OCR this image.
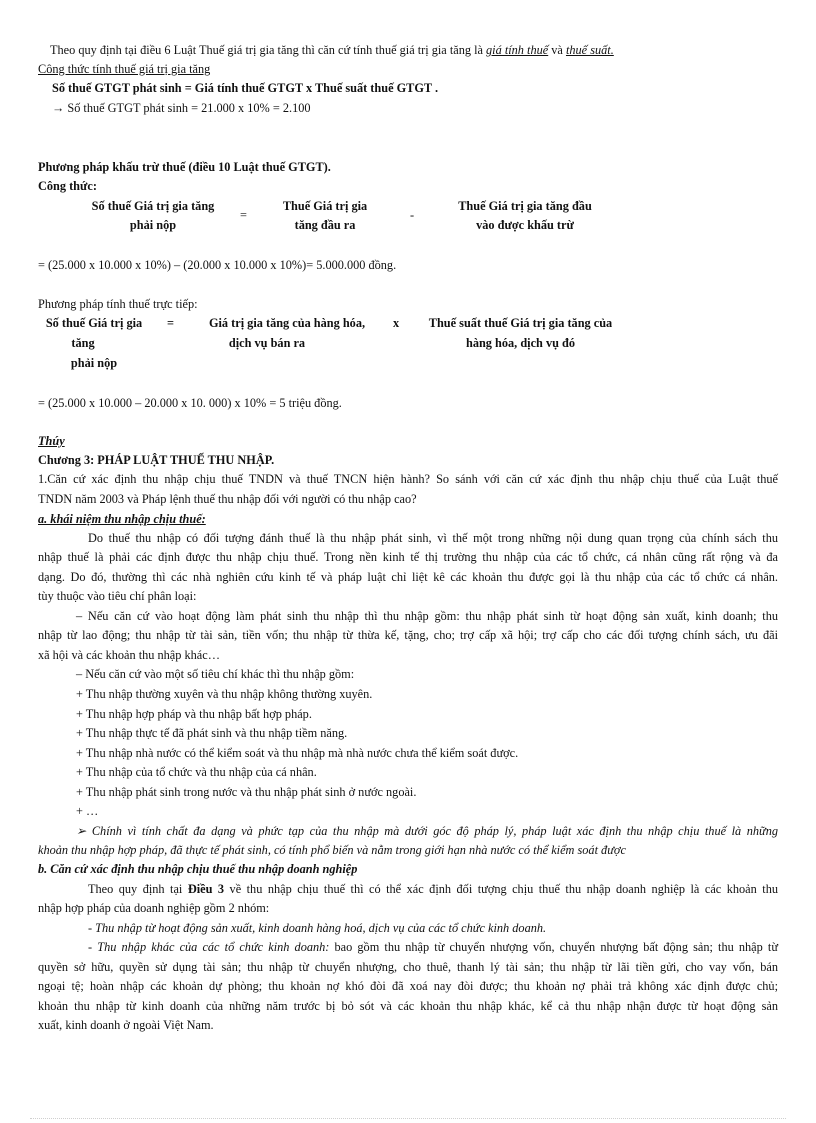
Theo quy định tại điều 6 Luật Thuế giá trị gia tăng thì căn cứ tính thuế giá trị gia tăng là giá tính thuế và thuế suất.
Công thức tính thuế giá trị gia tăng
Số thuế GTGT phát sinh = Giá tính thuế GTGT x Thuế suất thuế GTGT .
→ Số thuế GTGT phát sinh = 21.000 x 10% = 2.100
Phương pháp khấu trừ thuế (điều 10 Luật thuế GTGT).
Công thức:
Số thuế Giá trị gia tăng
phải nộp
=
Thuế Giá trị gia
tăng đầu ra
-
Thuế Giá trị gia tăng đầu
vào được khấu trừ
= (25.000 x 10.000 x 10%) – (20.000 x 10.000 x 10%)= 5.000.000 đồng.
Phương pháp tính thuế trực tiếp:
Số thuế Giá trị gia
tăng
phải nộp
=	Giá trị gia tăng của hàng hóa,
dịch vụ bán ra
x	Thuế suất thuế Giá trị gia tăng của
hàng hóa, dịch vụ đó
= (25.000 x 10.000 – 20.000 x 10. 000) x 10% = 5 triệu đồng.
Thúy
Chương 3: PHÁP LUẬT THUẾ THU NHẬP.
1.Căn cứ xác định thu nhập chịu thuế TNDN và thuế TNCN hiện hành? So sánh với căn cứ xác định thu nhập chịu thuế của Luật thuế
TNDN năm 2003 và Pháp lệnh thuế thu nhập đối với người có thu nhập cao?
a. khái niệm thu nhập chịu thuế:
Do thuế thu nhập có đối tượng đánh thuế là thu nhập phát sinh, vì thế một trong những nội dung quan trọng của chính sách thu
nhập thuế là phải các định được thu nhập chịu thuế. Trong nền kinh tế thị trường thu nhập của các tổ chức, cá nhân cũng rất rộng và đa
dạng. Do đó, thường thì các nhà nghiên cứu kinh tế và pháp luật chỉ liệt kê các khoản thu được gọi là thu nhập của các tổ chức cá nhân.
tùy thuộc vào tiêu chí phân loại:
– Nếu căn cứ vào hoạt động làm phát sinh thu nhập thì thu nhập gồm: thu nhập phát sinh từ hoạt động sản xuất, kinh doanh; thu
nhập từ lao động; thu nhập từ tài sản, tiền vốn; thu nhập từ thừa kế, tặng, cho; trợ cấp xã hội; trợ cấp cho các đối tượng chính sách, ưu đãi
xã hội và các khoản thu nhập khác…
– Nếu căn cứ vào một số tiêu chí khác thì thu nhập gồm:
+ Thu nhập thường xuyên và thu nhập không thường xuyên.
+ Thu nhập hợp pháp và thu nhập bất hợp pháp.
+ Thu nhập thực tế đã phát sinh và thu nhập tiềm năng.
+ Thu nhập nhà nước có thể kiểm soát và thu nhập mà nhà nước chưa thể kiểm soát được.
+ Thu nhập của tổ chức và thu nhập của cá nhân.
+ Thu nhập phát sinh trong nước và thu nhập phát sinh ở nước ngoài.
+ …
➢ Chính vì tính chất đa dạng và phức tạp của thu nhập mà dưới góc độ pháp lý, pháp luật xác định thu nhập chịu thuế là những
khoản thu nhập hợp pháp, đã thực tế phát sinh, có tính phổ biến và nằm trong giới hạn nhà nước có thể kiểm soát được
b. Căn cứ xác định thu nhập chịu thuế thu nhập doanh nghiệp
Theo quy định tại Điều 3 về thu nhập chịu thuế thì có thể xác định đối tượng chịu thuế thu nhập doanh nghiệp là các khoản thu
nhập hợp pháp của doanh nghiệp gồm 2 nhóm:
- Thu nhập từ hoạt động sản xuất, kinh doanh hàng hoá, dịch vụ của các tổ chức kinh doanh.
- Thu nhập khác của các tổ chức kinh doanh: bao gồm thu nhập từ chuyển nhượng vốn, chuyển nhượng bất động sản; thu nhập từ
quyền sở hữu, quyền sử dụng tài sản; thu nhập từ chuyển nhượng, cho thuê, thanh lý tài sản; thu nhập từ lãi tiền gửi, cho vay vốn, bán
ngoại tệ; hoàn nhập các khoản dự phòng; thu khoản nợ khó đòi đã xoá nay đòi được; thu khoản nợ phải trả không xác định được chủ;
khoản thu nhập từ kinh doanh của những năm trước bị bỏ sót và các khoản thu nhập khác, kể cả thu nhập nhận được từ hoạt động sản
xuất, kinh doanh ở ngoài Việt Nam.
